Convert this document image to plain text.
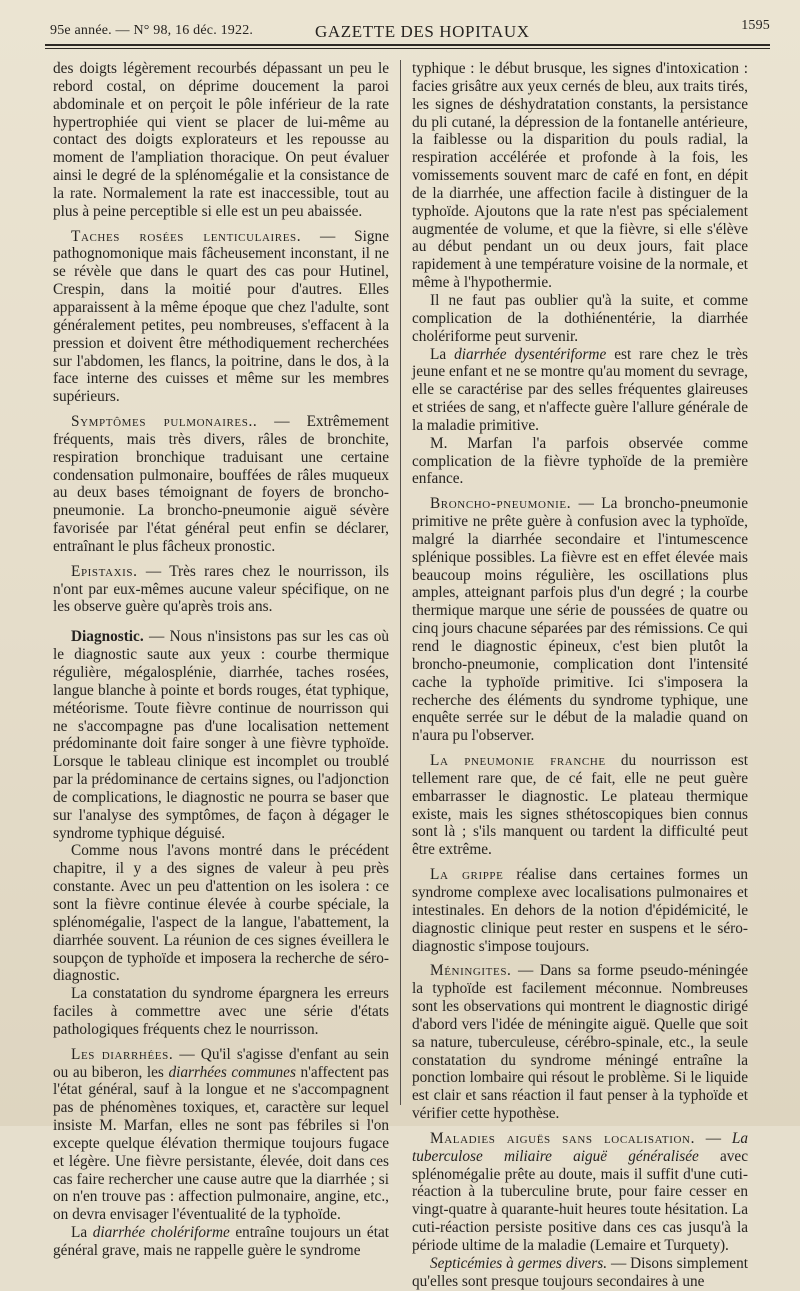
95e année. — N° 98, 16 déc. 1922.	GAZETTE DES HOPITAUX	1595

des doigts légèrement recourbés dépassant un peu le rebord costal, on déprime doucement la paroi abdominale et on perçoit le pôle inférieur de la rate hypertrophiée qui vient se placer de lui-même au contact des doigts explorateurs et les repousse au moment de l'ampliation thoracique. On peut évaluer ainsi le degré de la splénomégalie et la consistance de la rate. Normalement la rate est inaccessible, tout au plus à peine perceptible si elle est un peu abaissée.

Taches rosées lenticulaires. — Signe pathognomonique mais fâcheusement inconstant, il ne se révèle que dans le quart des cas pour Hutinel, Crespin, dans la moitié pour d'autres. Elles apparaissent à la même époque que chez l'adulte, sont généralement petites, peu nombreuses, s'effacent à la pression et doivent être méthodiquement recherchées sur l'abdomen, les flancs, la poitrine, dans le dos, à la face interne des cuisses et même sur les membres supérieurs.

Symptômes pulmonaires.. — Extrêmement fréquents, mais très divers, râles de bronchite, respiration bronchique traduisant une certaine condensation pulmonaire, bouffées de râles muqueux au deux bases témoignant de foyers de broncho-pneumonie. La broncho-pneumonie aiguë sévère favorisée par l'état général peut enfin se déclarer, entraînant le plus fâcheux pronostic.

Epistaxis. — Très rares chez le nourrisson, ils n'ont par eux-mêmes aucune valeur spécifique, on ne les observe guère qu'après trois ans.

Diagnostic. — Nous n'insistons pas sur les cas où le diagnostic saute aux yeux : courbe thermique régulière, mégalosplénie, diarrhée, taches rosées, langue blanche à pointe et bords rouges, état typhique, météorisme. Toute fièvre continue de nourrisson qui ne s'accompagne pas d'une localisation nettement prédominante doit faire songer à une fièvre typhoïde. Lorsque le tableau clinique est incomplet ou troublé par la prédominance de certains signes, ou l'adjonction de complications, le diagnostic ne pourra se baser que sur l'analyse des symptômes, de façon à dégager le syndrome typhique déguisé.

Comme nous l'avons montré dans le précédent chapitre, il y a des signes de valeur à peu près constante. Avec un peu d'attention on les isolera : ce sont la fièvre continue élevée à courbe spéciale, la splénomégalie, l'aspect de la langue, l'abattement, la diarrhée souvent. La réunion de ces signes éveillera le soupçon de typhoïde et imposera la recherche de séro-diagnostic.

La constatation du syndrome épargnera les erreurs faciles à commettre avec une série d'états pathologiques fréquents chez le nourrisson.

Les diarrhées. — Qu'il s'agisse d'enfant au sein ou au biberon, les diarrhées communes n'affectent pas l'état général, sauf à la longue et ne s'accompagnent pas de phénomènes toxiques, et, caractère sur lequel insiste M. Marfan, elles ne sont pas fébriles si l'on excepte quelque élévation thermique toujours fugace et légère. Une fièvre persistante, élevée, doit dans ces cas faire rechercher une cause autre que la diarrhée ; si on n'en trouve pas : affection pulmonaire, angine, etc., on devra envisager l'éventualité de la typhoïde.

La diarrhée cholériforme entraîne toujours un état général grave, mais ne rappelle guère le syndrome

typhique : le début brusque, les signes d'intoxication : facies grisâtre aux yeux cernés de bleu, aux traits tirés, les signes de déshydratation constants, la persistance du pli cutané, la dépression de la fontanelle antérieure, la faiblesse ou la disparition du pouls radial, la respiration accélérée et profonde à la fois, les vomissements souvent marc de café en font, en dépit de la diarrhée, une affection facile à distinguer de la typhoïde. Ajoutons que la rate n'est pas spécialement augmentée de volume, et que la fièvre, si elle s'élève au début pendant un ou deux jours, fait place rapidement à une température voisine de la normale, et même à l'hypothermie.

Il ne faut pas oublier qu'à la suite, et comme complication de la dothiénentérie, la diarrhée cholériforme peut survenir.

La diarrhée dysentériforme est rare chez le très jeune enfant et ne se montre qu'au moment du sevrage, elle se caractérise par des selles fréquentes glaireuses et striées de sang, et n'affecte guère l'allure générale de la maladie primitive.

M. Marfan l'a parfois observée comme complication de la fièvre typhoïde de la première enfance.

Broncho-pneumonie. — La broncho-pneumonie primitive ne prête guère à confusion avec la typhoïde, malgré la diarrhée secondaire et l'intumescence splénique possibles. La fièvre est en effet élevée mais beaucoup moins régulière, les oscillations plus amples, atteignant parfois plus d'un degré ; la courbe thermique marque une série de poussées de quatre ou cinq jours chacune séparées par des rémissions. Ce qui rend le diagnostic épineux, c'est bien plutôt la broncho-pneumonie, complication dont l'intensité cache la typhoïde primitive. Ici s'imposera la recherche des éléments du syndrome typhique, une enquête serrée sur le début de la maladie quand on n'aura pu l'observer.

La pneumonie franche du nourrisson est tellement rare que, de cé fait, elle ne peut guère embarrasser le diagnostic. Le plateau thermique existe, mais les signes sthétoscopiques bien connus sont là ; s'ils manquent ou tardent la difficulté peut être extrême.

La grippe réalise dans certaines formes un syndrome complexe avec localisations pulmonaires et intestinales. En dehors de la notion d'épidémicité, le diagnostic clinique peut rester en suspens et le séro-diagnostic s'impose toujours.

Méningites. — Dans sa forme pseudo-méningée la typhoïde est facilement méconnue. Nombreuses sont les observations qui montrent le diagnostic dirigé d'abord vers l'idée de méningite aiguë. Quelle que soit sa nature, tuberculeuse, cérébro-spinale, etc., la seule constatation du syndrome méningé entraîne la ponction lombaire qui résout le problème. Si le liquide est clair et sans réaction il faut penser à la typhoïde et vérifier cette hypothèse.

Maladies aiguës sans localisation. — La tuberculose miliaire aiguë généralisée avec splénomégalie prête au doute, mais il suffit d'une cuti-réaction à la tuberculine brute, pour faire cesser en vingt-quatre à quarante-huit heures toute hésitation. La cuti-réaction persiste positive dans ces cas jusqu'à la période ultime de la maladie (Lemaire et Turquety).

Septicémies à germes divers. — Disons simplement qu'elles sont presque toujours secondaires à une
